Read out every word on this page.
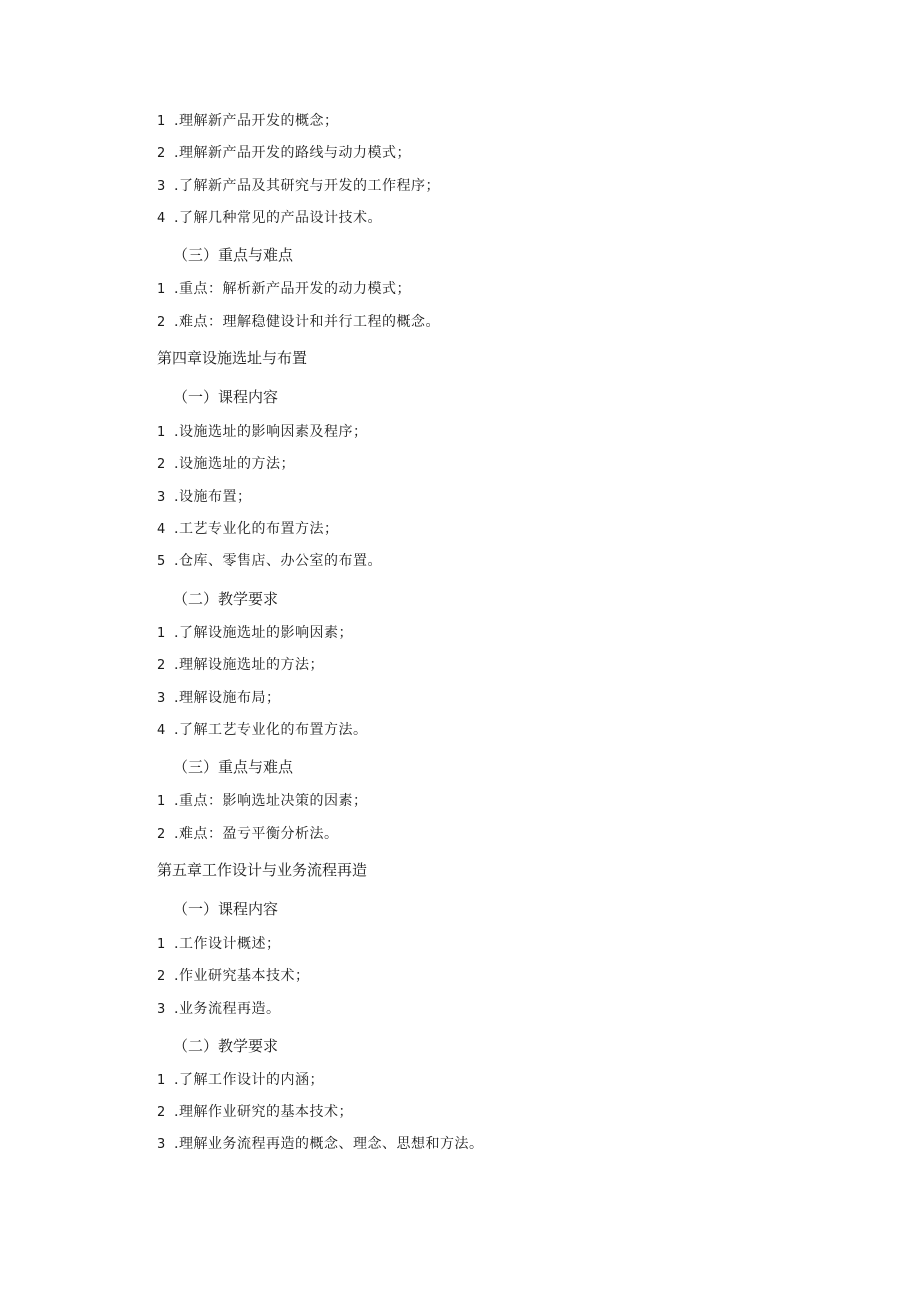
1 .理解新产品开发的概念；
2 .理解新产品开发的路线与动力模式；
3 .了解新产品及其研究与开发的工作程序；
4 .了解几种常见的产品设计技术。
（三）重点与难点
1 .重点：解析新产品开发的动力模式；
2 .难点：理解稳健设计和并行工程的概念。
第四章设施选址与布置
（一）课程内容
1 .设施选址的影响因素及程序；
2 .设施选址的方法；
3 .设施布置；
4 .工艺专业化的布置方法；
5 .仓库、零售店、办公室的布置。
（二）教学要求
1 .了解设施选址的影响因素；
2 .理解设施选址的方法；
3 .理解设施布局；
4 .了解工艺专业化的布置方法。
（三）重点与难点
1 .重点：影响选址决策的因素；
2 .难点：盈亏平衡分析法。
第五章工作设计与业务流程再造
（一）课程内容
1 .工作设计概述；
2 .作业研究基本技术；
3 .业务流程再造。
（二）教学要求
1 .了解工作设计的内涵；
2 .理解作业研究的基本技术；
3 .理解业务流程再造的概念、理念、思想和方法。
